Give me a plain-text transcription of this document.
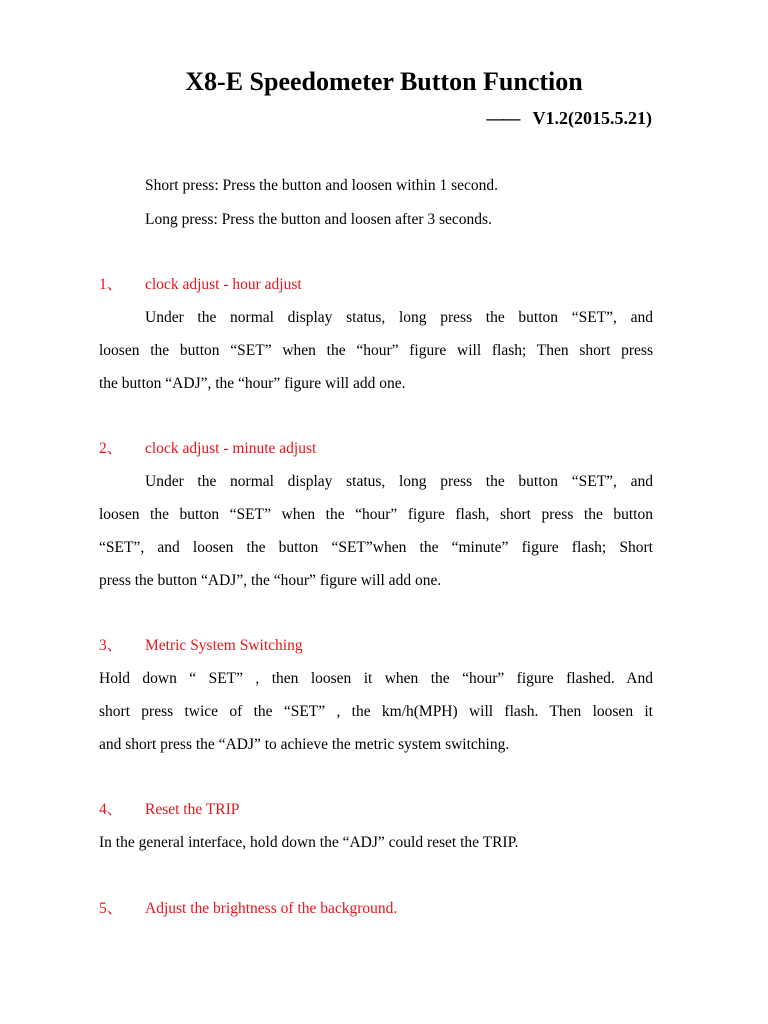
X8-E Speedometer Button Function
—— V1.2(2015.5.21)
Short press: Press the button and loosen within 1 second.
Long press: Press the button and loosen after 3 seconds.
1、 clock adjust - hour adjust
Under the normal display status, long press the button “SET”, and
loosen the button “SET” when the “hour” figure will flash; Then short press
the button “ADJ”, the “hour” figure will add one.
2、 clock adjust - minute adjust
Under the normal display status, long press the button “SET”, and
loosen the button “SET” when the “hour” figure flash, short press the button
“SET”, and loosen the button “SET”when the “minute” figure flash; Short
press the button “ADJ”, the “hour” figure will add one.
3、 Metric System Switching
Hold down “ SET” , then loosen it when the “hour” figure flashed. And
short press twice of the “SET” , the km/h(MPH) will flash. Then loosen it
and short press the “ADJ” to achieve the metric system switching.
4、 Reset the TRIP
In the general interface, hold down the “ADJ” could reset the TRIP.
5、 Adjust the brightness of the background.
